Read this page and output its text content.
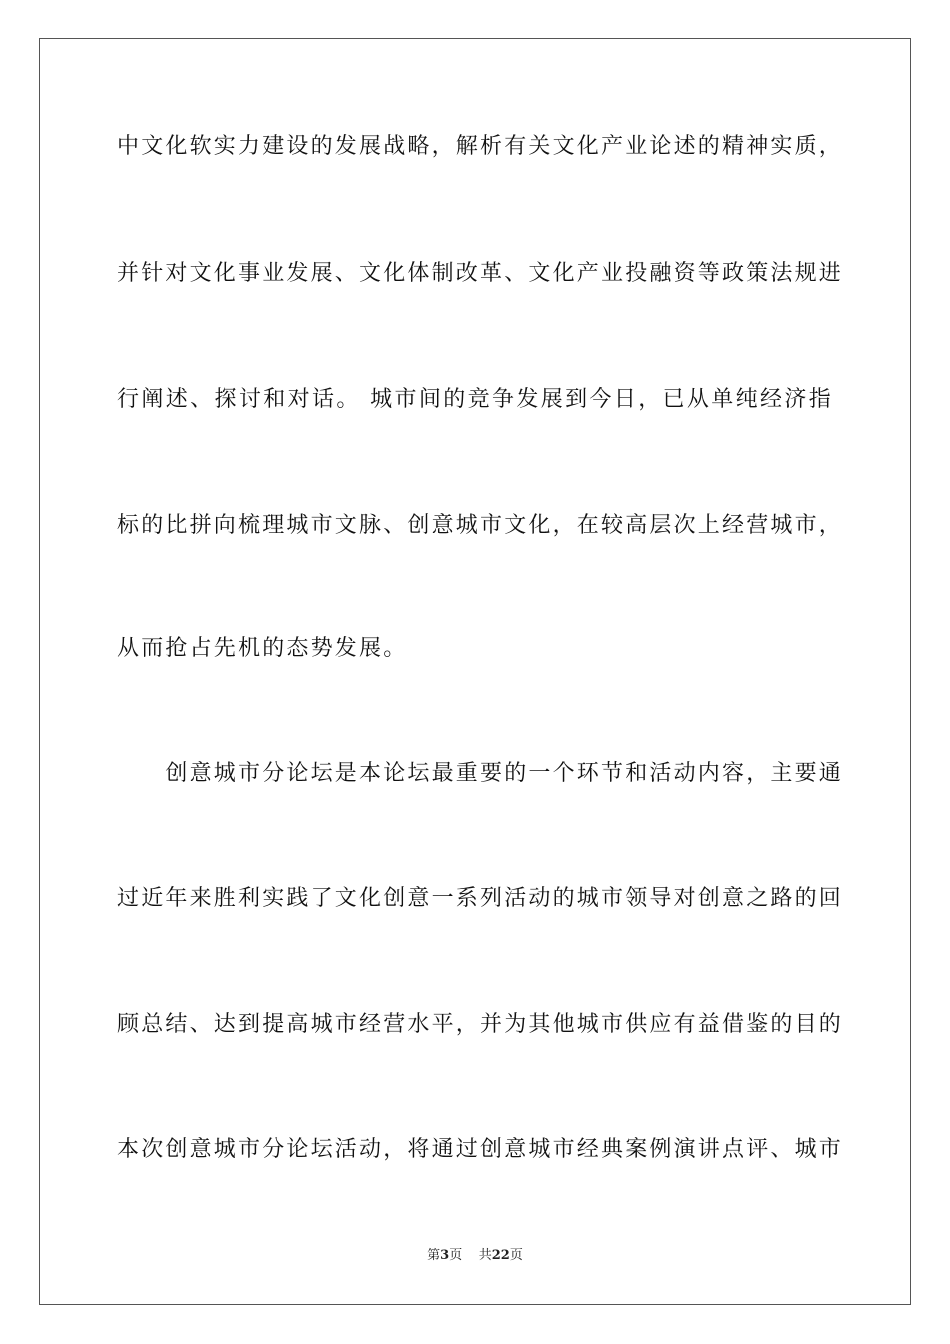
中文化软实力建设的发展战略，解析有关文化产业论述的精神实质，
并针对文化事业发展、文化体制改革、文化产业投融资等政策法规进
行阐述、探讨和对话。 城市间的竞争发展到今日，已从单纯经济指
标的比拼向梳理城市文脉、创意城市文化，在较高层次上经营城市，
从而抢占先机的态势发展。
　　创意城市分论坛是本论坛最重要的一个环节和活动内容，主要通
过近年来胜利实践了文化创意一系列活动的城市领导对创意之路的回
顾总结、达到提高城市经营水平，并为其他城市供应有益借鉴的目的
本次创意城市分论坛活动，将通过创意城市经典案例演讲点评、城市
第3页 共22页
